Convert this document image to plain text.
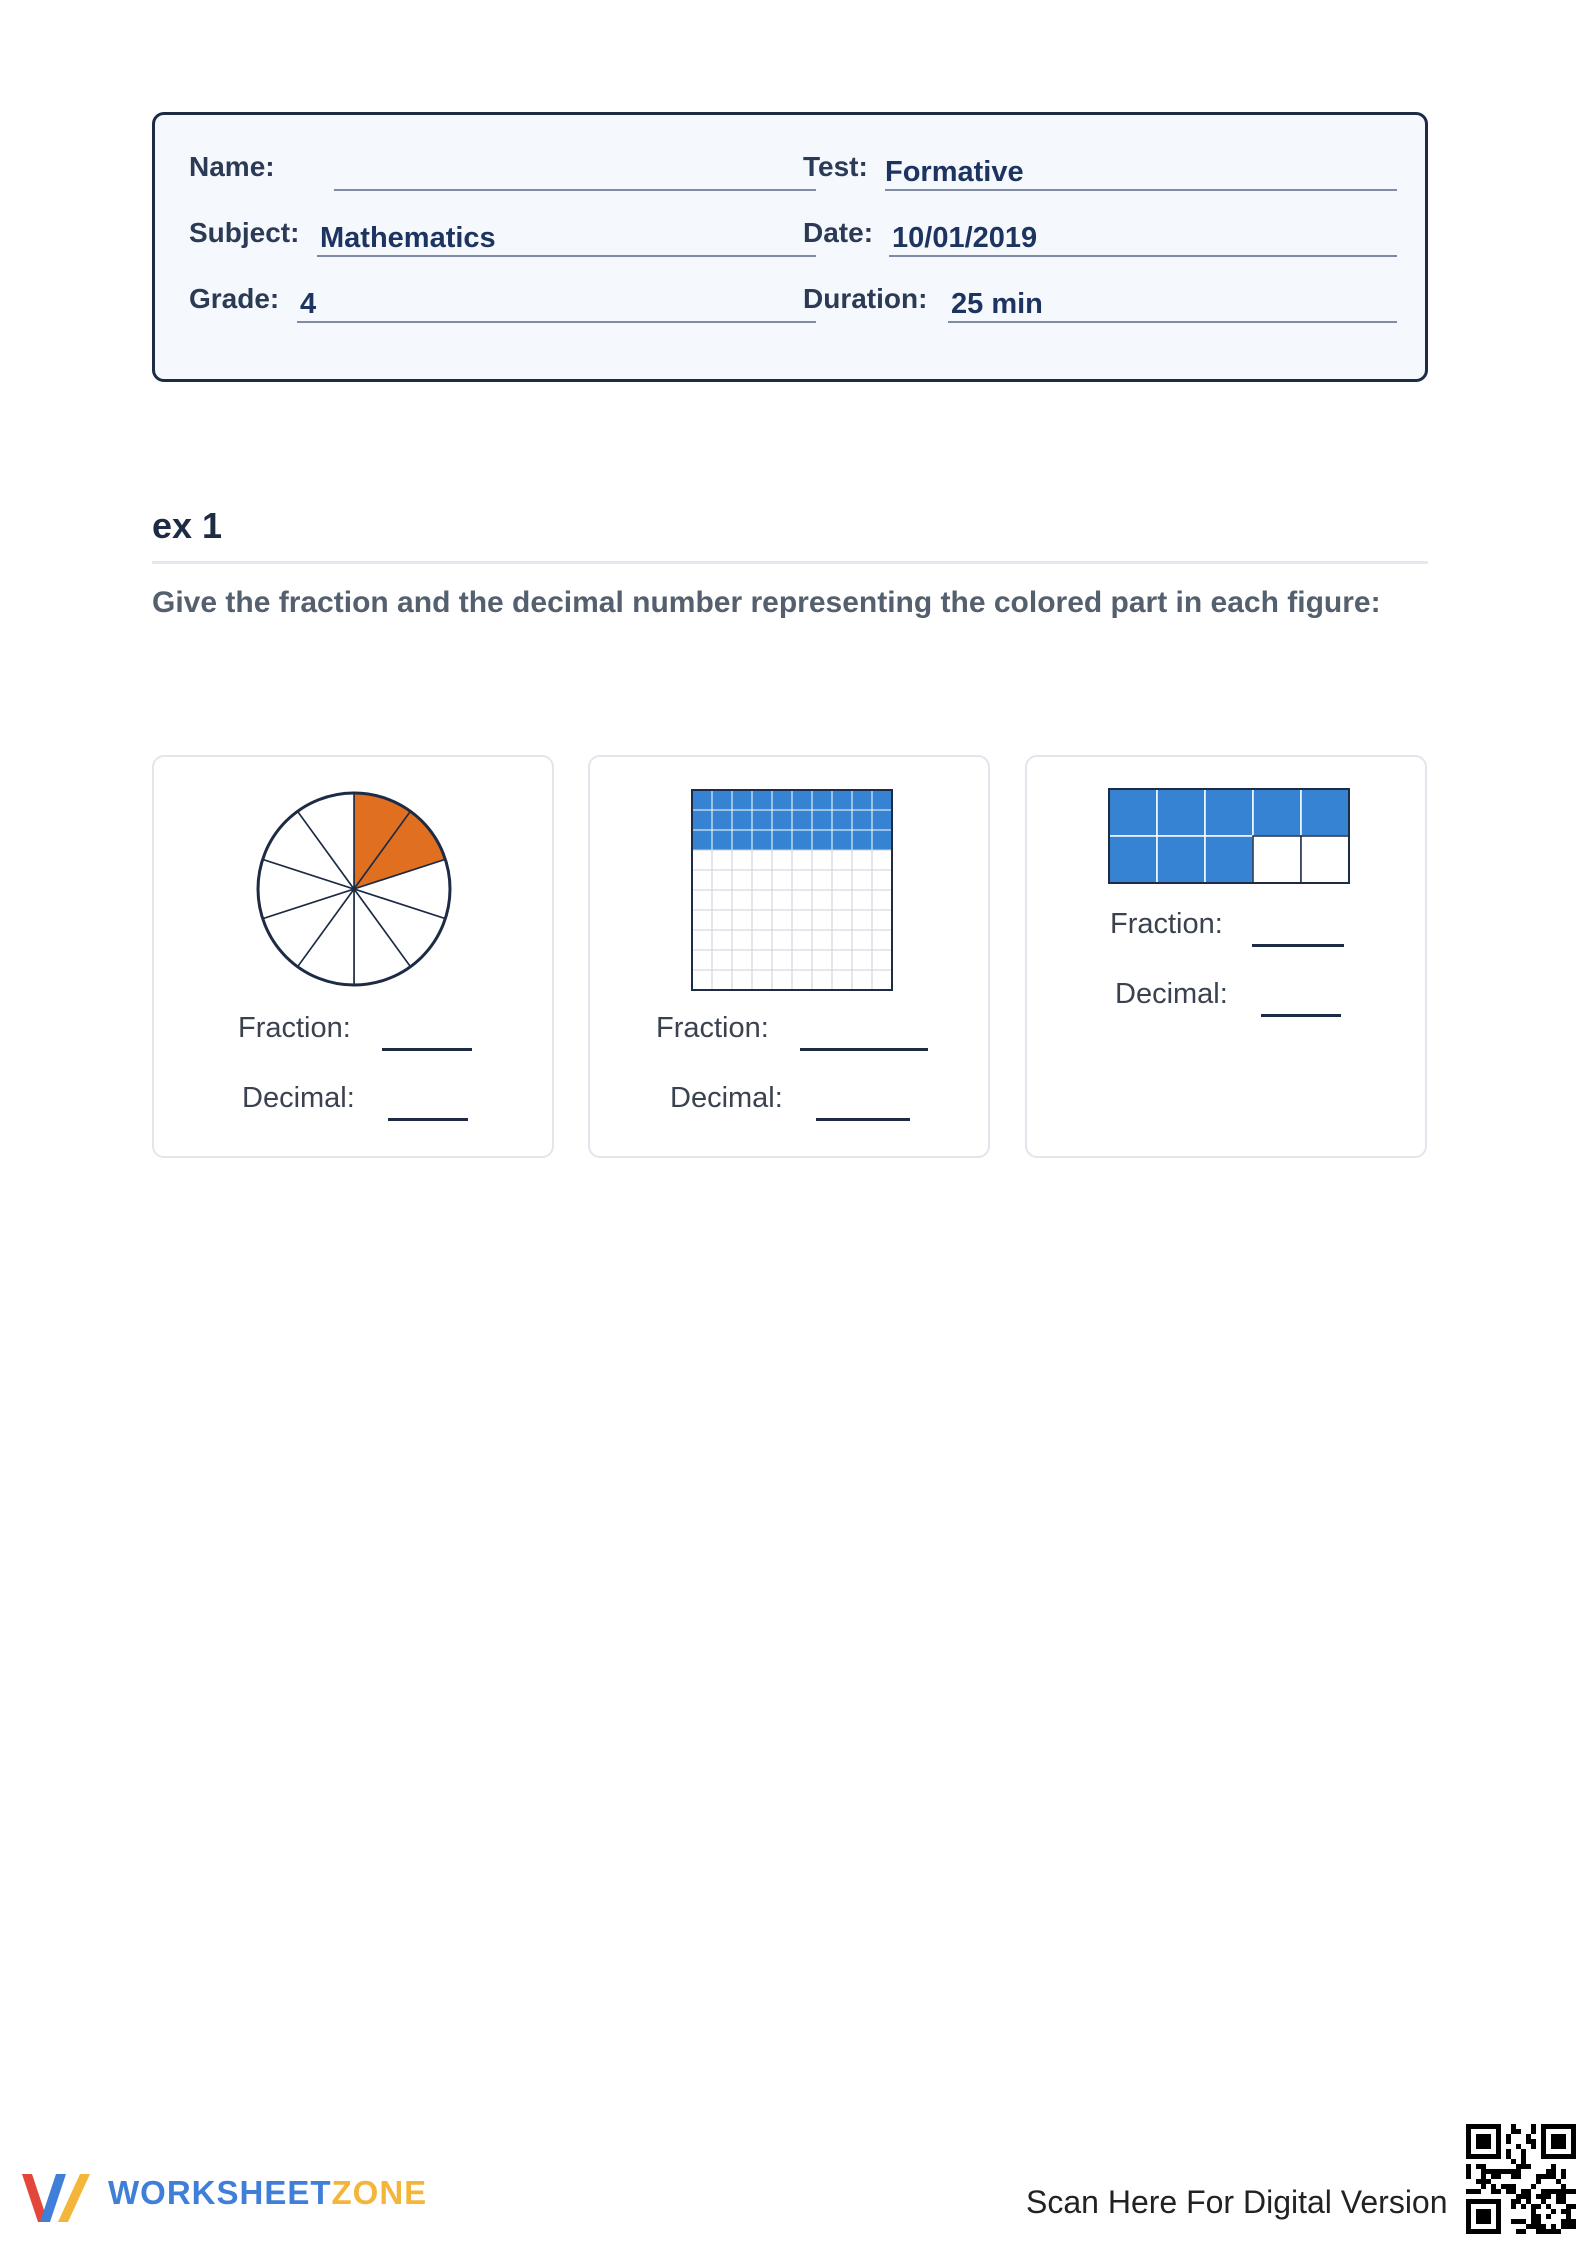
Name:	Test: Formative
Subject: Mathematics	Date: 10/01/2019
Grade: 4	Duration: 25 min
ex 1
Give the fraction and the decimal number representing the colored part in each figure:
Fraction:
Decimal:
Fraction:
Decimal:
Fraction:
Decimal:
WORKSHEETZONE	Scan Here For Digital Version
